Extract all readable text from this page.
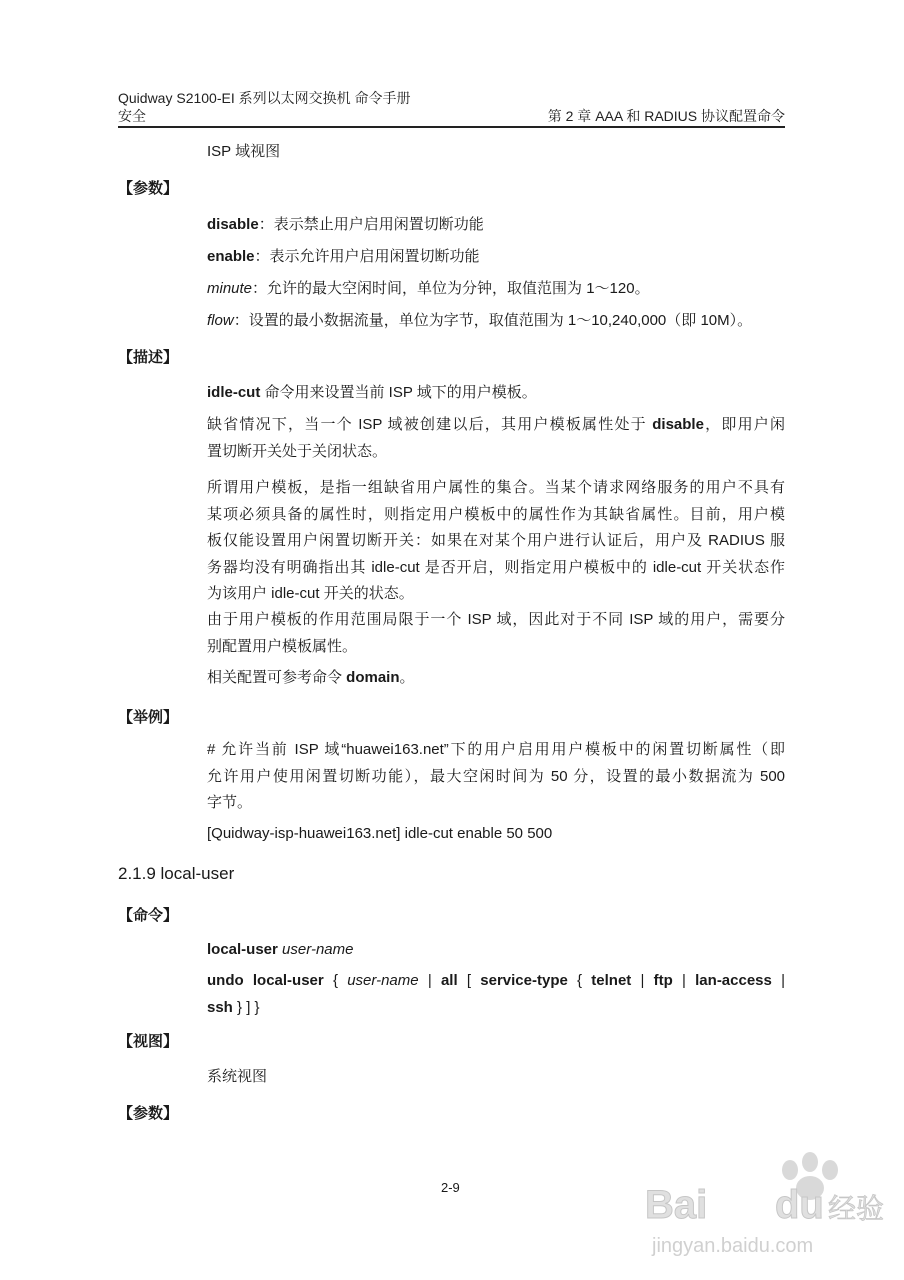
Quidway S2100-EI 系列以太网交换机 命令手册
安全	第 2 章 AAA 和 RADIUS 协议配置命令
ISP 域视图
【参数】
disable：表示禁止用户启用闲置切断功能
enable：表示允许用户启用闲置切断功能
minute：允许的最大空闲时间，单位为分钟，取值范围为 1～120。
flow：设置的最小数据流量，单位为字节，取值范围为 1～10,240,000（即 10M）。
【描述】
idle-cut 命令用来设置当前 ISP 域下的用户模板。
缺省情况下，当一个 ISP 域被创建以后，其用户模板属性处于 disable，即用户闲
置切断开关处于关闭状态。
所谓用户模板，是指一组缺省用户属性的集合。当某个请求网络服务的用户不具有
某项必须具备的属性时，则指定用户模板中的属性作为其缺省属性。目前，用户模
板仅能设置用户闲置切断开关：如果在对某个用户进行认证后，用户及 RADIUS 服
务器均没有明确指出其 idle-cut 是否开启，则指定用户模板中的 idle-cut 开关状态作
为该用户 idle-cut 开关的状态。
由于用户模板的作用范围局限于一个 ISP 域，因此对于不同 ISP 域的用户，需要分
别配置用户模板属性。
相关配置可参考命令 domain。
【举例】
# 允许当前 ISP 域“huawei163.net”下的用户启用用户模板中的闲置切断属性（即
允许用户使用闲置切断功能），最大空闲时间为 50 分，设置的最小数据流为 500
字节。
[Quidway-isp-huawei163.net] idle-cut enable 50 500
2.1.9 local-user
【命令】
local-user user-name
undo  local-user  {  user-name  |  all  [  service-type  {  telnet  |  ftp  |  lan-access  |
ssh } ] }
【视图】
系统视图
【参数】
2-9	Bai du 经验
jingyan.baidu.com
